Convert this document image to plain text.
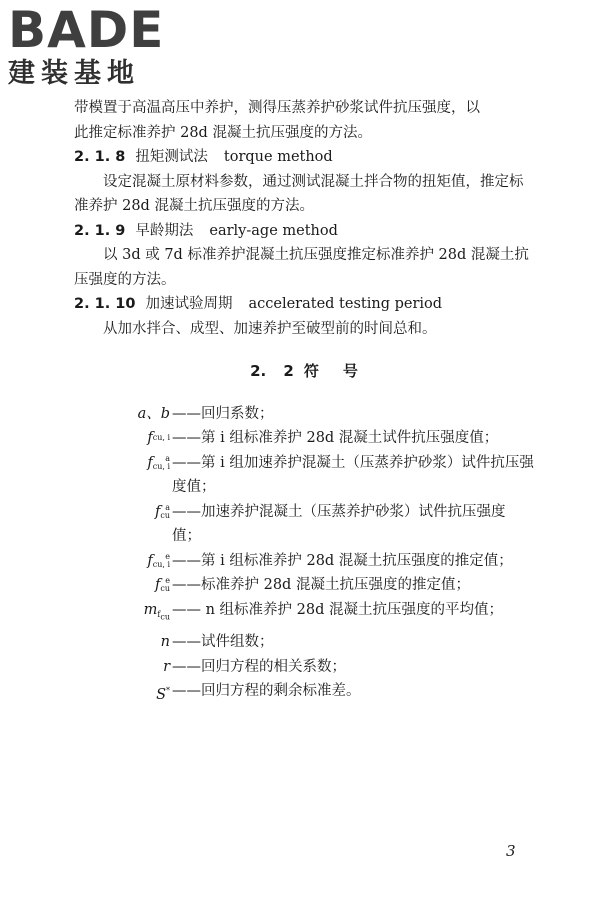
BADE
建装基地

带模置于高温高压中养护，测得压蒸养护砂浆试件抗压强度，以
此推定标准养护 28d 混凝土抗压强度的方法。

2. 1. 8 扭矩测试法 torque method

设定混凝土原材料参数，通过测试混凝土拌合物的扭矩值，推定标准养护 28d 混凝土抗压强度的方法。

2. 1. 9 早龄期法 early-age method

以 3d 或 7d 标准养护混凝土抗压强度推定标准养护 28d 混凝土抗压强度的方法。

2. 1. 10 加速试验周期 accelerated testing period

从加水拌合、成型、加速养护至破型前的时间总和。

2. 2 符 号
a、b ——回归系数；
f cu, i ——第 i 组标准养护 28d 混凝土试件抗压强度值；
f	a
cu, i ——第 i 组加速养护混凝土（压蒸养护砂浆）试件抗压强度值；
f a
cu ——加速养护混凝土（压蒸养护砂浆）试件抗压强度值；
f	e
cu, i ——第 i 组标准养护 28d 混凝土抗压强度的推定值；
f e
cu ——标准养护 28d 混凝土抗压强度的推定值；
$m_{f_{cu}}$ —— n 组标准养护 28d 混凝土抗压强度的平均值；
n ——试件组数；
r ——回归方程的相关系数；
S* ——回归方程的剩余标准差。
3
